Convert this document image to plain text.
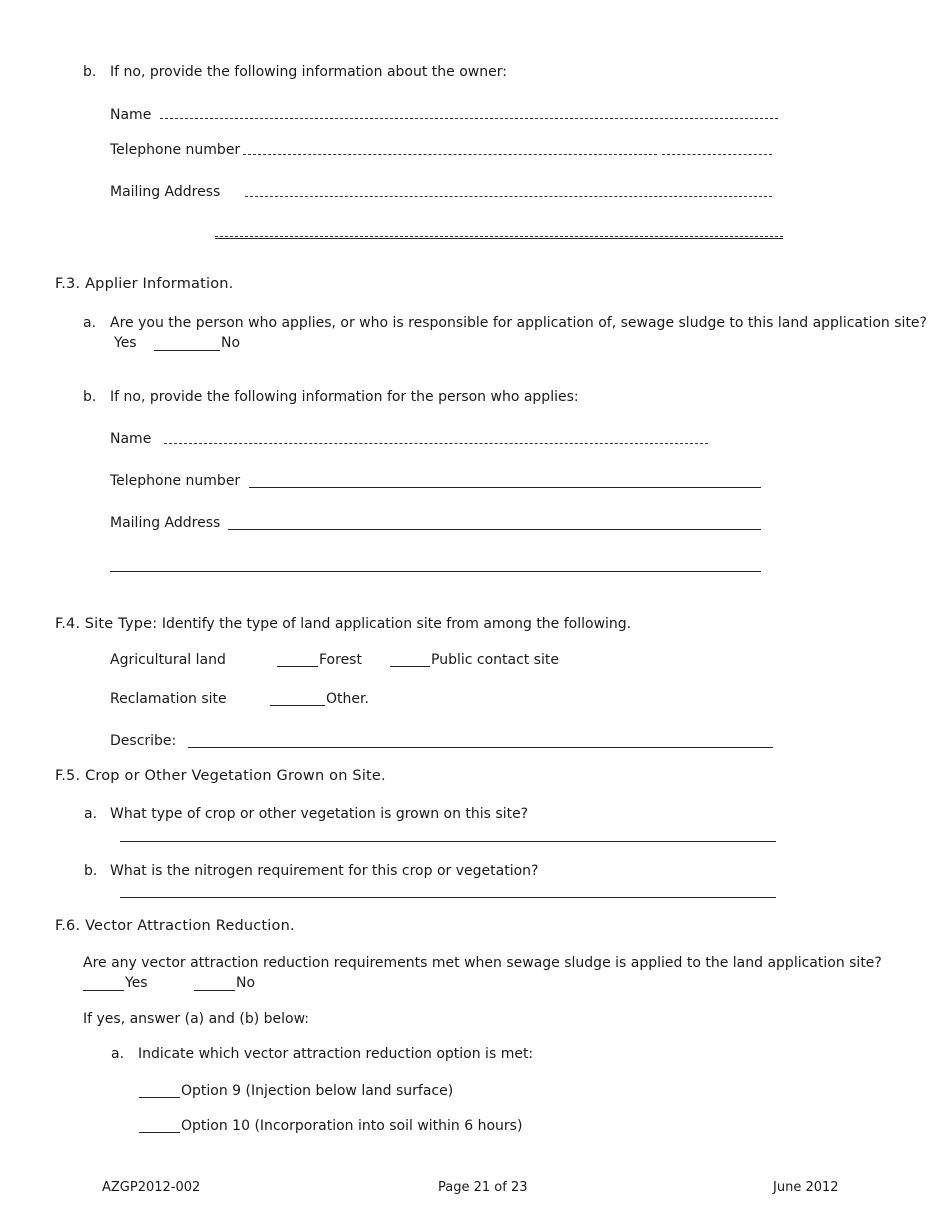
b. If no, provide the following information about the owner:
Name
Telephone number
Mailing Address
F.3. Applier Information.
a. Are you the person who applies, or who is responsible for application of, sewage sludge to this land application site?
Yes	No
b. If no, provide the following information for the person who applies:
Name
Telephone number
Mailing Address
F.4. Site Type: Identify the type of land application site from among the following.
Agricultural land	Forest	Public contact site
Reclamation site	Other.
Describe:
F.5. Crop or Other Vegetation Grown on Site.
a. What type of crop or other vegetation is grown on this site?
b. What is the nitrogen requirement for this crop or vegetation?
F.6. Vector Attraction Reduction.
Are any vector attraction reduction requirements met when sewage sludge is applied to the land application site?
Yes	No
If yes, answer (a) and (b) below:
a. Indicate which vector attraction reduction option is met:
Option 9 (Injection below land surface)
Option 10 (Incorporation into soil within 6 hours)
AZGP2012-002	Page 21 of 23	June 2012
